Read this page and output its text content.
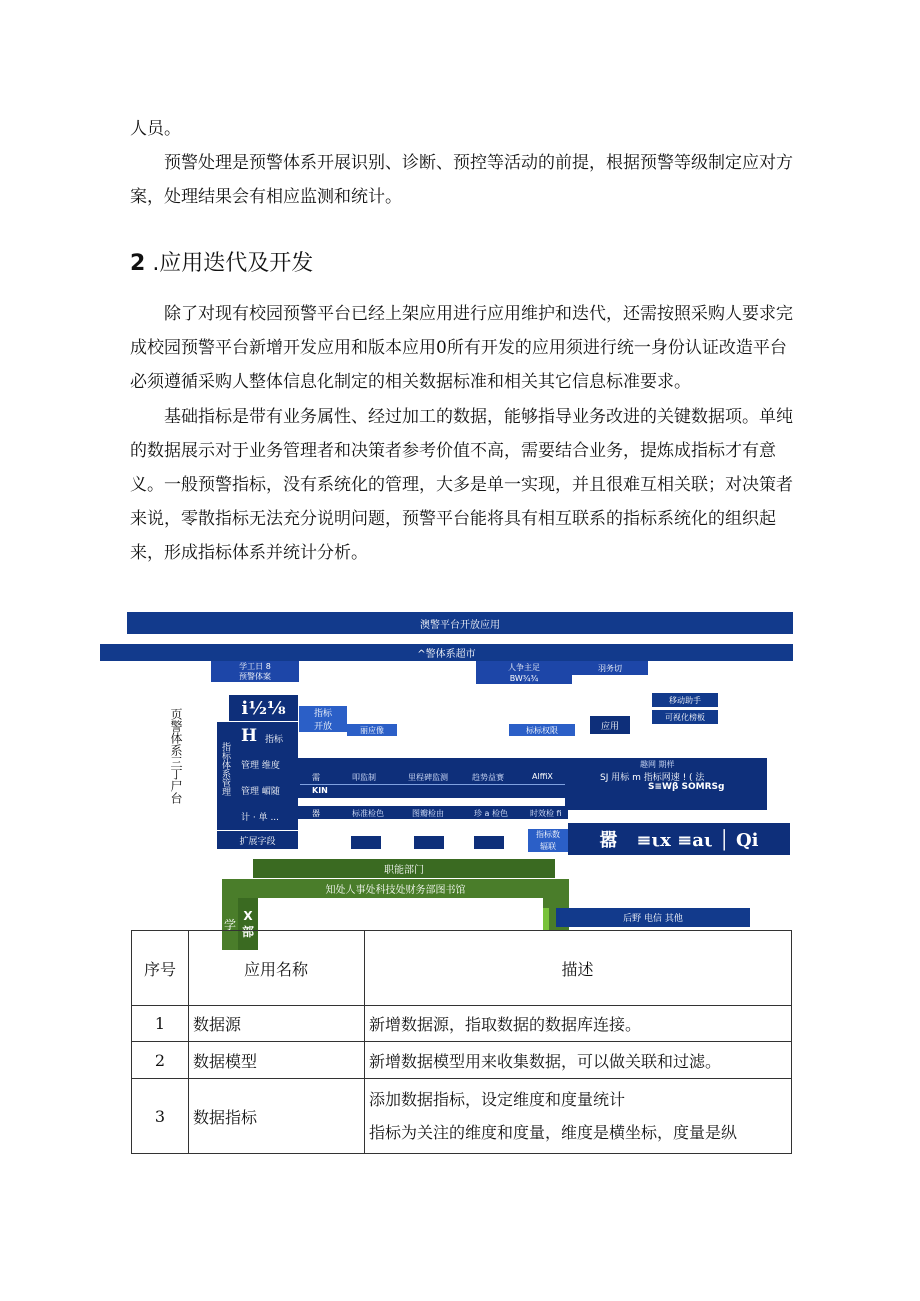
人员。
预警处理是预警体系开展识别、诊断、预控等活动的前提，根据预警等级制定应对方案，处理结果会有相应监测和统计。
2 .应用迭代及开发
除了对现有校园预警平台已经上架应用进行应用维护和迭代，还需按照采购人要求完成校园预警平台新增开发应用和版本应用0所有开发的应用须进行统一身份认证改造平台必须遵循采购人整体信息化制定的相关数据标准和相关其它信息标准要求。
基础指标是带有业务属性、经过加工的数据，能够指导业务改进的关键数据项。单纯的数据展示对于业务管理者和决策者参考价值不高，需要结合业务，提炼成指标才有意义。一般预警指标，没有系统化的管理，大多是单一实现，并且很难互相关联；对决策者来说，零散指标无法充分说明问题，预警平台能将具有相互联系的指标系统化的组织起来，形成指标体系并统计分析。
澳警平台开放应用
^警体系超市
学工日 8
预警体案
人争主足
BW¾¾
羽务切
页警体系三丁尸台	i½⅛	指标
开放
指标体系管理
H 指标
管理 维度
管理 嵋随
计 · 单 ...
扩展字段
丽应像	标标权限	应用
移动助手
可视化榜板
需	叩监制	里程碑监测	趋势益赛	AlffiX
KIN
器	标准检色	图瓣检由	珍 a 检色	时效检 fi
趣网 期样
SJ 用标 m 指标网速 ! ( 法
S≡Wβ SOMRSg
指标数
辐联	嚣   ≡ιx ≡aι │ Qi
职能部门
知处人事处科技处财务部图书馆
学
X 部
后野 电信 其他
序号	应用名称	描述
1	数据源	新增数据源，指取数据的数据库连接。
2	数据模型	新增数据模型用来收集数据，可以做关联和过滤。
3	数据指标	添加数据指标，设定维度和度量统计
指标为关注的维度和度量，维度是横坐标，度量是纵
